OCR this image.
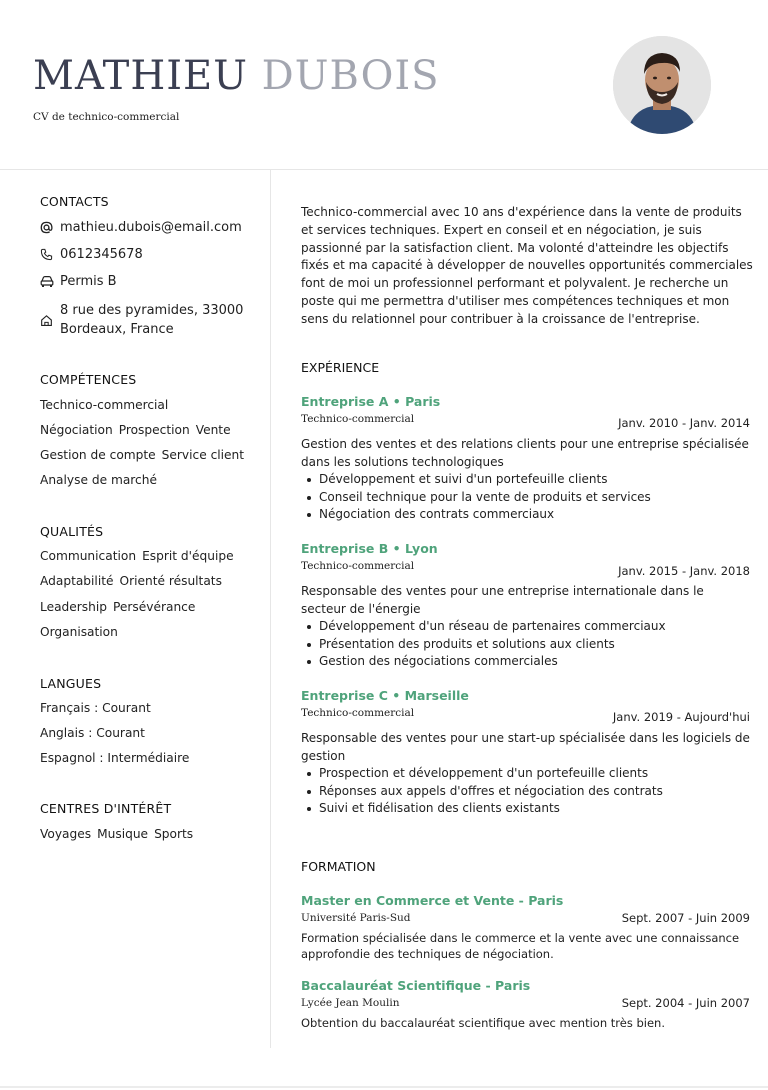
MATHIEU DUBOIS
CV de technico-commercial
CONTACTS
mathieu.dubois@email.com
0612345678
Permis B
8 rue des pyramides, 33000
Bordeaux, France
COMPÉTENCES
Technico-commercial
Négociation Prospection Vente
Gestion de compte Service client
Analyse de marché
QUALITÉS
Communication Esprit d'équipe
Adaptabilité Orienté résultats
Leadership Persévérance
Organisation
LANGUES
Français : Courant
Anglais : Courant
Espagnol : Intermédiaire
CENTRES D'INTÉRÊT
Voyages Musique Sports
Technico-commercial avec 10 ans d'expérience dans la vente de produits et services techniques. Expert en conseil et en négociation, je suis passionné par la satisfaction client. Ma volonté d'atteindre les objectifs fixés et ma capacité à développer de nouvelles opportunités commerciales font de moi un professionnel performant et polyvalent. Je recherche un poste qui me permettra d'utiliser mes compétences techniques et mon sens du relationnel pour contribuer à la croissance de l'entreprise.
EXPÉRIENCE
Entreprise A • Paris
Technico-commercial	Janv. 2010 - Janv. 2014
Gestion des ventes et des relations clients pour une entreprise spécialisée dans les solutions technologiques
Développement et suivi d'un portefeuille clients
Conseil technique pour la vente de produits et services
Négociation des contrats commerciaux
Entreprise B • Lyon
Technico-commercial	Janv. 2015 - Janv. 2018
Responsable des ventes pour une entreprise internationale dans le secteur de l'énergie
Développement d'un réseau de partenaires commerciaux
Présentation des produits et solutions aux clients
Gestion des négociations commerciales
Entreprise C • Marseille
Technico-commercial	Janv. 2019 - Aujourd'hui
Responsable des ventes pour une start-up spécialisée dans les logiciels de gestion
Prospection et développement d'un portefeuille clients
Réponses aux appels d'offres et négociation des contrats
Suivi et fidélisation des clients existants
FORMATION
Master en Commerce et Vente - Paris
Université Paris-Sud	Sept. 2007 - Juin 2009
Formation spécialisée dans le commerce et la vente avec une connaissance approfondie des techniques de négociation.
Baccalauréat Scientifique - Paris
Lycée Jean Moulin	Sept. 2004 - Juin 2007
Obtention du baccalauréat scientifique avec mention très bien.
